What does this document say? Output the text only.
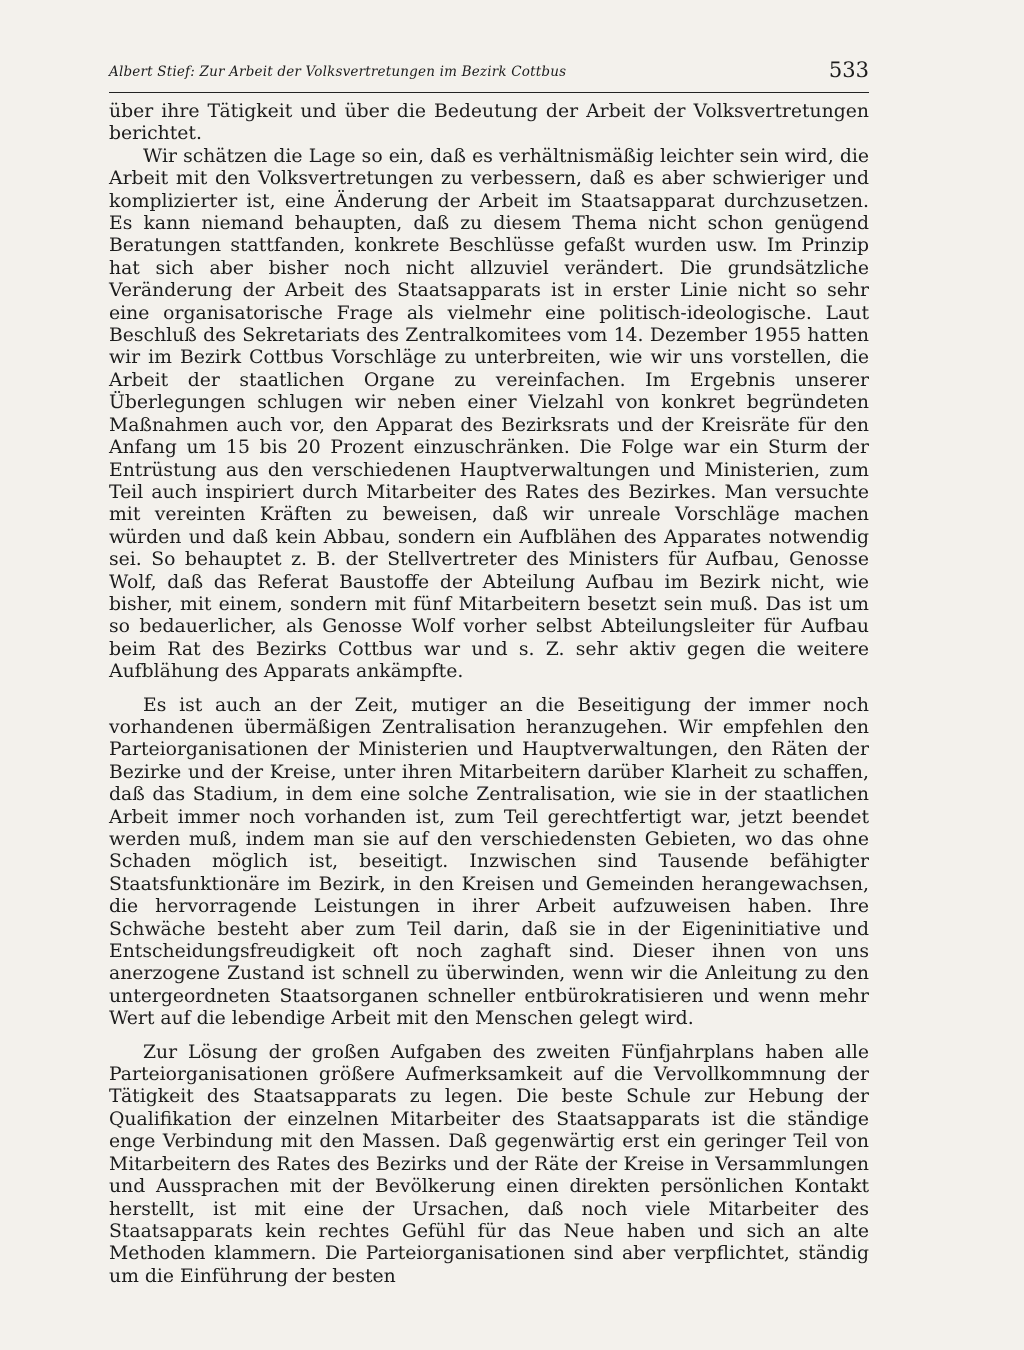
Albert Stief: Zur Arbeit der Volksvertretungen im Bezirk Cottbus	533

über ihre Tätigkeit und über die Bedeutung der Arbeit der Volksvertretungen berichtet.

Wir schätzen die Lage so ein, daß es verhältnismäßig leichter sein wird, die Arbeit mit den Volksvertretungen zu verbessern, daß es aber schwieriger und komplizierter ist, eine Änderung der Arbeit im Staatsapparat durchzusetzen. Es kann niemand behaupten, daß zu diesem Thema nicht schon genügend Beratungen stattfanden, konkrete Beschlüsse gefaßt wurden usw. Im Prinzip hat sich aber bisher noch nicht allzuviel verändert. Die grundsätzliche Veränderung der Arbeit des Staatsapparats ist in erster Linie nicht so sehr eine organisatorische Frage als vielmehr eine politisch-ideologische. Laut Beschluß des Sekretariats des Zentralkomitees vom 14. Dezember 1955 hatten wir im Bezirk Cottbus Vorschläge zu unterbreiten, wie wir uns vorstellen, die Arbeit der staatlichen Organe zu vereinfachen. Im Ergebnis unserer Überlegungen schlugen wir neben einer Vielzahl von konkret begründeten Maßnahmen auch vor, den Apparat des Bezirksrats und der Kreisräte für den Anfang um 15 bis 20 Prozent einzuschränken. Die Folge war ein Sturm der Entrüstung aus den verschiedenen Hauptverwaltungen und Ministerien, zum Teil auch inspiriert durch Mitarbeiter des Rates des Bezirkes. Man versuchte mit vereinten Kräften zu beweisen, daß wir unreale Vorschläge machen würden und daß kein Abbau, sondern ein Aufblähen des Apparates notwendig sei. So behauptet z. B. der Stellvertreter des Ministers für Aufbau, Genosse Wolf, daß das Referat Baustoffe der Abteilung Aufbau im Bezirk nicht, wie bisher, mit einem, sondern mit fünf Mitarbeitern besetzt sein muß. Das ist um so bedauerlicher, als Genosse Wolf vorher selbst Abteilungsleiter für Aufbau beim Rat des Bezirks Cottbus war und s. Z. sehr aktiv gegen die weitere Aufblähung des Apparats ankämpfte.

Es ist auch an der Zeit, mutiger an die Beseitigung der immer noch vorhandenen übermäßigen Zentralisation heranzugehen. Wir empfehlen den Parteiorganisationen der Ministerien und Hauptverwaltungen, den Räten der Bezirke und der Kreise, unter ihren Mitarbeitern darüber Klarheit zu schaffen, daß das Stadium, in dem eine solche Zentralisation, wie sie in der staatlichen Arbeit immer noch vorhanden ist, zum Teil gerechtfertigt war, jetzt beendet werden muß, indem man sie auf den verschiedensten Gebieten, wo das ohne Schaden möglich ist, beseitigt. Inzwischen sind Tausende befähigter Staatsfunktionäre im Bezirk, in den Kreisen und Gemeinden herangewachsen, die hervorragende Leistungen in ihrer Arbeit aufzuweisen haben. Ihre Schwäche besteht aber zum Teil darin, daß sie in der Eigeninitiative und Entscheidungsfreudigkeit oft noch zaghaft sind. Dieser ihnen von uns anerzogene Zustand ist schnell zu überwinden, wenn wir die Anleitung zu den untergeordneten Staatsorganen schneller entbürokratisieren und wenn mehr Wert auf die lebendige Arbeit mit den Menschen gelegt wird.

Zur Lösung der großen Aufgaben des zweiten Fünfjahrplans haben alle Parteiorganisationen größere Aufmerksamkeit auf die Vervollkommnung der Tätigkeit des Staatsapparats zu legen. Die beste Schule zur Hebung der Qualifikation der einzelnen Mitarbeiter des Staatsapparats ist die ständige enge Verbindung mit den Massen. Daß gegenwärtig erst ein geringer Teil von Mitarbeitern des Rates des Bezirks und der Räte der Kreise in Versammlungen und Aussprachen mit der Bevölkerung einen direkten persönlichen Kontakt herstellt, ist mit eine der Ursachen, daß noch viele Mitarbeiter des Staatsapparats kein rechtes Gefühl für das Neue haben und sich an alte Methoden klammern. Die Parteiorganisationen sind aber verpflichtet, ständig um die Einführung der besten
